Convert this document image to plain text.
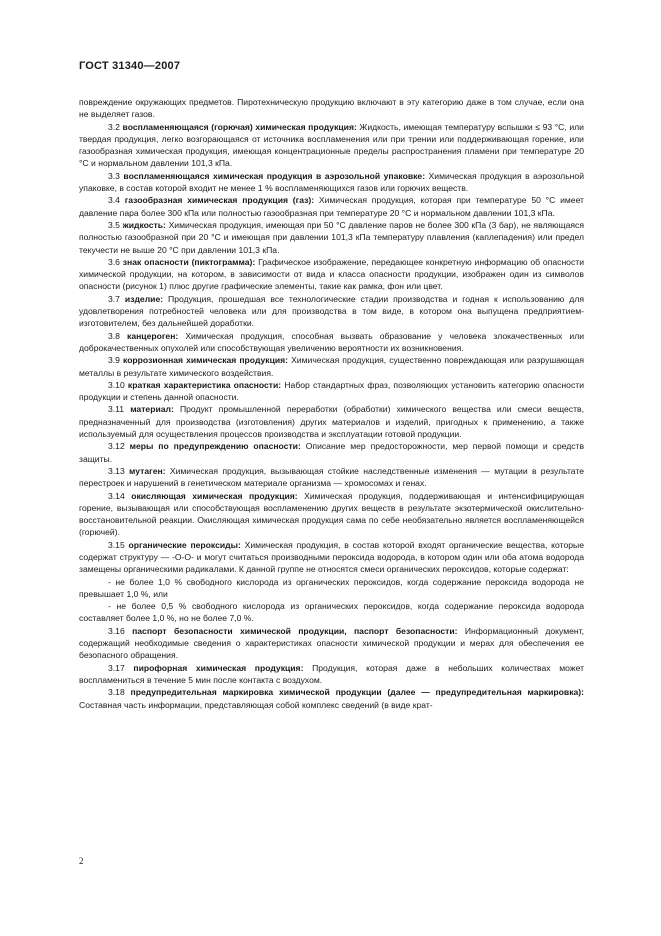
ГОСТ 31340—2007

повреждение окружающих предметов. Пиротехническую продукцию включают в эту категорию даже в том случае, если она не выделяет газов.

3.2 воспламеняющаяся (горючая) химическая продукция: Жидкость, имеющая температуру вспышки ≤ 93 °С, или твердая продукция, легко возгорающаяся от источника воспламенения или при трении или поддерживающая горение, или газообразная химическая продукция, имеющая концентрационные пределы распространения пламени при температуре 20 °С и нормальном давлении 101,3 кПа.

3.3 воспламеняющаяся химическая продукция в аэрозольной упаковке: Химическая продукция в аэрозольной упаковке, в состав которой входит не менее 1 % воспламеняющихся газов или горючих веществ.

3.4 газообразная химическая продукция (газ): Химическая продукция, которая при температуре 50 °С имеет давление пара более 300 кПа или полностью газообразная при температуре 20 °С и нормальном давлении 101,3 кПа.

3.5 жидкость: Химическая продукция, имеющая при 50 °С давление паров не более 300 кПа (3 бар), не являющаяся полностью газообразной при 20 °С и имеющая при давлении 101,3 кПа температуру плавления (каплепадения) или предел текучести не выше 20 °С при давлении 101,3 кПа.

3.6 знак опасности (пиктограмма): Графическое изображение, передающее конкретную информацию об опасности химической продукции, на котором, в зависимости от вида и класса опасности продукции, изображен один из символов опасности (рисунок 1) плюс другие графические элементы, такие как рамка, фон или цвет.

3.7 изделие: Продукция, прошедшая все технологические стадии производства и годная к использованию для удовлетворения потребностей человека или для производства в том виде, в котором она выпущена предприятием-изготовителем, без дальнейшей доработки.

3.8 канцероген: Химическая продукция, способная вызвать образование у человека злокачественных или доброкачественных опухолей или способствующая увеличению вероятности их возникновения.

3.9 коррозионная химическая продукция: Химическая продукция, существенно повреждающая или разрушающая металлы в результате химического воздействия.

3.10 краткая характеристика опасности: Набор стандартных фраз, позволяющих установить категорию опасности продукции и степень данной опасности.

3.11 материал: Продукт промышленной переработки (обработки) химического вещества или смеси веществ, предназначенный для производства (изготовления) других материалов и изделий, пригодных к применению, а также используемый для осуществления процессов производства и эксплуатации готовой продукции.

3.12 меры по предупреждению опасности: Описание мер предосторожности, мер первой помощи и средств защиты.

3.13 мутаген: Химическая продукция, вызывающая стойкие наследственные изменения — мутации в результате перестроек и нарушений в генетическом материале организма — хромосомах и генах.

3.14 окисляющая химическая продукция: Химическая продукция, поддерживающая и интенсифицирующая горение, вызывающая или способствующая воспламенению других веществ в результате экзотермической окислительно-восстановительной реакции. Окисляющая химическая продукция сама по себе необязательно является воспламеняющейся (горючей).

3.15 органические пероксиды: Химическая продукция, в состав которой входят органические вещества, которые содержат структуру — -О-О- и могут считаться производными пероксида водорода, в котором один или оба атома водорода замещены органическими радикалами. К данной группе не относятся смеси органических пероксидов, которые содержат:

- не более 1,0 % свободного кислорода из органических пероксидов, когда содержание пероксида водорода не превышает 1,0 %, или

- не более 0,5 % свободного кислорода из органических пероксидов, когда содержание пероксида водорода составляет более 1,0 %, но не более 7,0 %.

3.16 паспорт безопасности химической продукции, паспорт безопасности: Информационный документ, содержащий необходимые сведения о характеристиках опасности химической продукции и мерах для обеспечения ее безопасного обращения.

3.17 пирофорная химическая продукция: Продукция, которая даже в небольших количествах может воспламениться в течение 5 мин после контакта с воздухом.

3.18 предупредительная маркировка химической продукции (далее — предупредительная маркировка): Составная часть информации, представляющая собой комплекс сведений (в виде крат-

2
